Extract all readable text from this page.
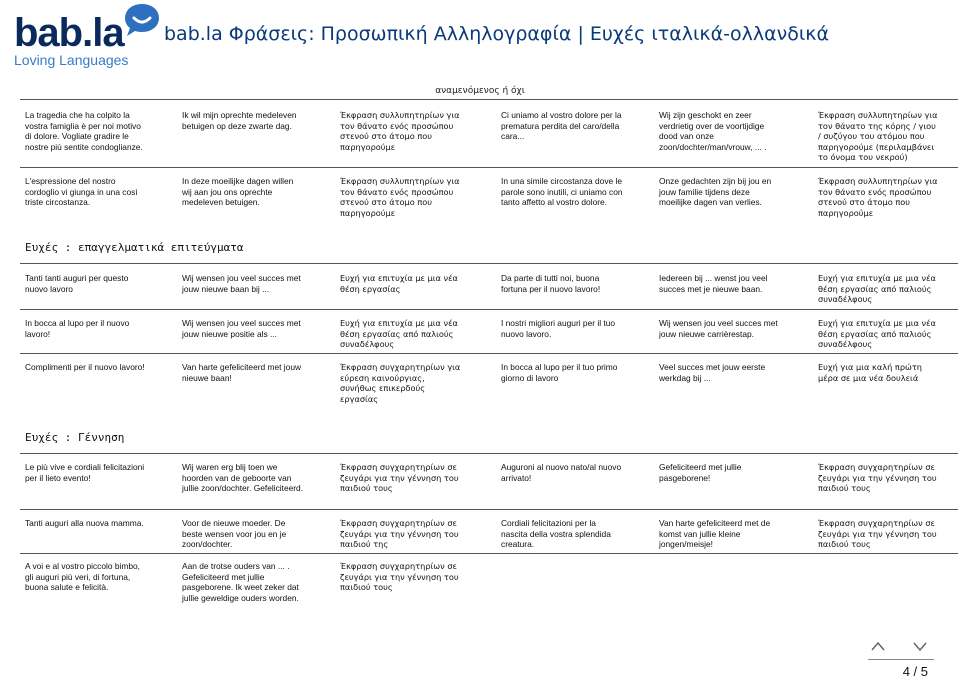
bab.la
Loving Languages
bab.la Φράσεις: Προσωπική Αλληλογραφία | Ευχές ιταλικά-ολλανδικά
αναμενόμενος ή όχι
La tragedia che ha colpito la vostra famiglia è per noi motivo di dolore. Vogliate gradire le nostre più sentite condoglianze.
Ik wil mijn oprechte medeleven betuigen op deze zwarte dag.
Έκφραση συλλυπητηρίων για τον θάνατο ενός προσώπου στενού στο άτομο που παρηγορούμε
Ci uniamo al vostro dolore per la prematura perdita del caro/della cara...
Wij zijn geschokt en zeer verdrietig over de voortijdige dood van onze zoon/dochter/man/vrouw, ... .
Έκφραση συλλυπητηρίων για τον θάνατο της κόρης / γιου / συζύγου του ατόμου που παρηγορούμε (περιλαμβάνει το όνομα του νεκρού)
L'espressione del nostro cordoglio vi giunga in una così triste circostanza.
In deze moeilijke dagen willen wij aan jou ons oprechte medeleven betuigen.
Έκφραση συλλυπητηρίων για τον θάνατο ενός προσώπου στενού στο άτομο που παρηγορούμε
In una simile circostanza dove le parole sono inutili, ci uniamo con tanto affetto al vostro dolore.
Onze gedachten zijn bij jou en jouw familie tijdens deze moeilijke dagen van verlies.
Έκφραση συλλυπητηρίων για τον θάνατο ενός προσώπου στενού στο άτομο που παρηγορούμε
Ευχές : επαγγελματικά επιτεύγματα
Tanti tanti auguri per questo nuovo lavoro
Wij wensen jou veel succes met jouw nieuwe baan bij ...
Ευχή για επιτυχία με μια νέα θέση εργασίας
Da parte di tutti noi, buona fortuna per il nuovo lavoro!
Iedereen bij ... wenst jou veel succes met je nieuwe baan.
Ευχή για επιτυχία με μια νέα θέση εργασίας από παλιούς συναδέλφους
In bocca al lupo per il nuovo lavoro!
Wij wensen jou veel succes met jouw nieuwe positie als ...
Ευχή για επιτυχία με μια νέα θέση εργασίας από παλιούς συναδέλφους
I nostri migliori auguri per il tuo nuovo lavoro.
Wij wensen jou veel succes met jouw nieuwe carrièrestap.
Ευχή για επιτυχία με μια νέα θέση εργασίας από παλιούς συναδέλφους
Complimenti per il nuovo lavoro!	Van harte gefeliciteerd met jouw nieuwe baan!
Έκφραση συγχαρητηρίων για εύρεση καινούργιας, συνήθως επικερδούς εργασίας
In bocca al lupo per il tuo primo giorno di lavoro
Veel succes met jouw eerste werkdag bij ...
Ευχή για μια καλή πρώτη μέρα σε μια νέα δουλειά
Ευχές : Γέννηση
Le più vive e cordiali felicitazioni per il lieto evento!
Wij waren erg blij toen we hoorden van de geboorte van jullie zoon/dochter. Gefeliciteerd.
Έκφραση συγχαρητηρίων σε ζευγάρι για την γέννηση του παιδιού τους
Auguroni al nuovo nato/al nuovo arrivato!
Gefeliciteerd met jullie pasgeborene!
Έκφραση συγχαρητηρίων σε ζευγάρι για την γέννηση του παιδιού τους
Tanti auguri alla nuova mamma.	Voor de nieuwe moeder. De beste wensen voor jou en je zoon/dochter.
Έκφραση συγχαρητηρίων σε ζευγάρι για την γέννηση του παιδιού της
Cordiali felicitazioni per la nascita della vostra splendida creatura.
Van harte gefeliciteerd met de komst van jullie kleine jongen/meisje!
Έκφραση συγχαρητηρίων σε ζευγάρι για την γέννηση του παιδιού τους
A voi e al vostro piccolo bimbo, gli auguri più veri, di fortuna, buona salute e felicità.
Aan de trotse ouders van ... . Gefeliciteerd met jullie pasgeborene. Ik weet zeker dat jullie geweldige ouders worden.
Έκφραση συγχαρητηρίων σε ζευγάρι για την γέννηση του παιδιού τους
4 / 5
